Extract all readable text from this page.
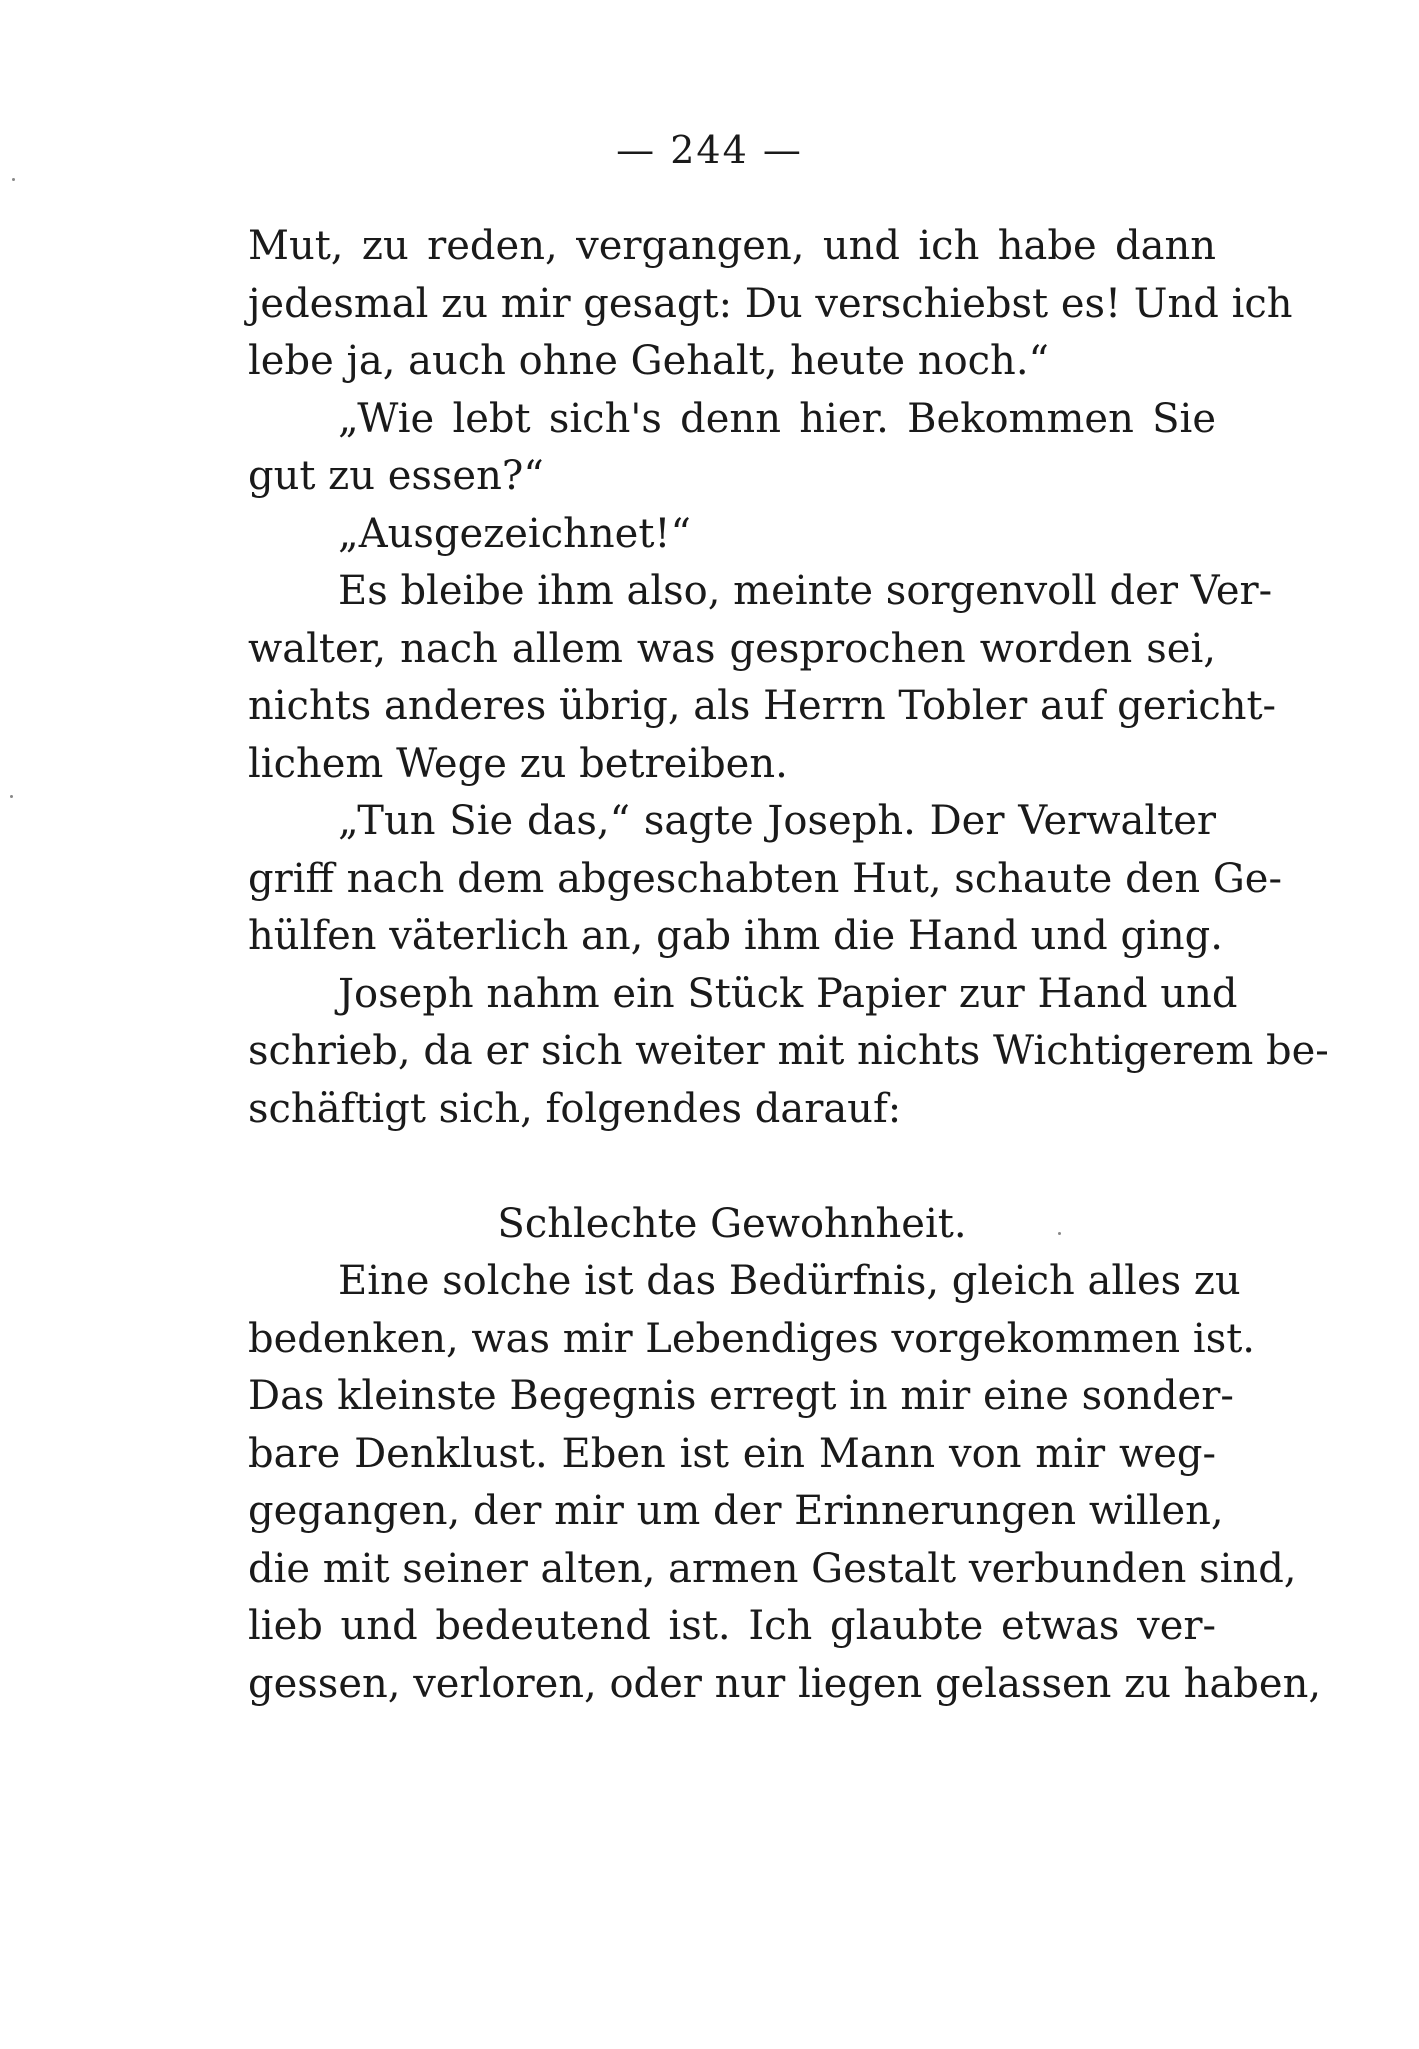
— 244 —
Mut, zu reden, vergangen, und ich habe dann
jedesmal zu mir gesagt: Du verschiebst es! Und ich
lebe ja, auch ohne Gehalt, heute noch.“
„Wie lebt sich's denn hier. Bekommen Sie
gut zu essen?“
„Ausgezeichnet!“
Es bleibe ihm also, meinte sorgenvoll der Ver-
walter, nach allem was gesprochen worden sei,
nichts anderes übrig, als Herrn Tobler auf gericht-
lichem Wege zu betreiben.
„Tun Sie das,“ sagte Joseph. Der Verwalter
griff nach dem abgeschabten Hut, schaute den Ge-
hülfen väterlich an, gab ihm die Hand und ging.
Joseph nahm ein Stück Papier zur Hand und
schrieb, da er sich weiter mit nichts Wichtigerem be-
schäftigt sich, folgendes darauf:
Schlechte Gewohnheit.
Eine solche ist das Bedürfnis, gleich alles zu
bedenken, was mir Lebendiges vorgekommen ist.
Das kleinste Begegnis erregt in mir eine sonder-
bare Denklust. Eben ist ein Mann von mir weg-
gegangen, der mir um der Erinnerungen willen,
die mit seiner alten, armen Gestalt verbunden sind,
lieb und bedeutend ist. Ich glaubte etwas ver-
gessen, verloren, oder nur liegen gelassen zu haben,
